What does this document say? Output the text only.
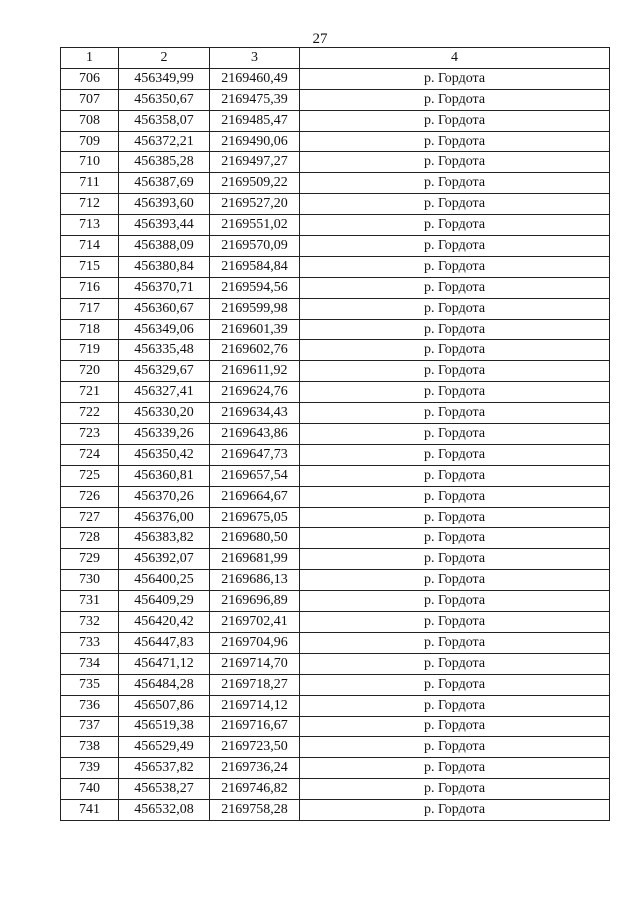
27
1	2	3	4
706	456349,99	2169460,49	р. Гордота
707	456350,67	2169475,39	р. Гордота
708	456358,07	2169485,47	р. Гордота
709	456372,21	2169490,06	р. Гордота
710	456385,28	2169497,27	р. Гордота
711	456387,69	2169509,22	р. Гордота
712	456393,60	2169527,20	р. Гордота
713	456393,44	2169551,02	р. Гордота
714	456388,09	2169570,09	р. Гордота
715	456380,84	2169584,84	р. Гордота
716	456370,71	2169594,56	р. Гордота
717	456360,67	2169599,98	р. Гордота
718	456349,06	2169601,39	р. Гордота
719	456335,48	2169602,76	р. Гордота
720	456329,67	2169611,92	р. Гордота
721	456327,41	2169624,76	р. Гордота
722	456330,20	2169634,43	р. Гордота
723	456339,26	2169643,86	р. Гордота
724	456350,42	2169647,73	р. Гордота
725	456360,81	2169657,54	р. Гордота
726	456370,26	2169664,67	р. Гордота
727	456376,00	2169675,05	р. Гордота
728	456383,82	2169680,50	р. Гордота
729	456392,07	2169681,99	р. Гордота
730	456400,25	2169686,13	р. Гордота
731	456409,29	2169696,89	р. Гордота
732	456420,42	2169702,41	р. Гордота
733	456447,83	2169704,96	р. Гордота
734	456471,12	2169714,70	р. Гордота
735	456484,28	2169718,27	р. Гордота
736	456507,86	2169714,12	р. Гордота
737	456519,38	2169716,67	р. Гордота
738	456529,49	2169723,50	р. Гордота
739	456537,82	2169736,24	р. Гордота
740	456538,27	2169746,82	р. Гордота
741	456532,08	2169758,28	р. Гордота
